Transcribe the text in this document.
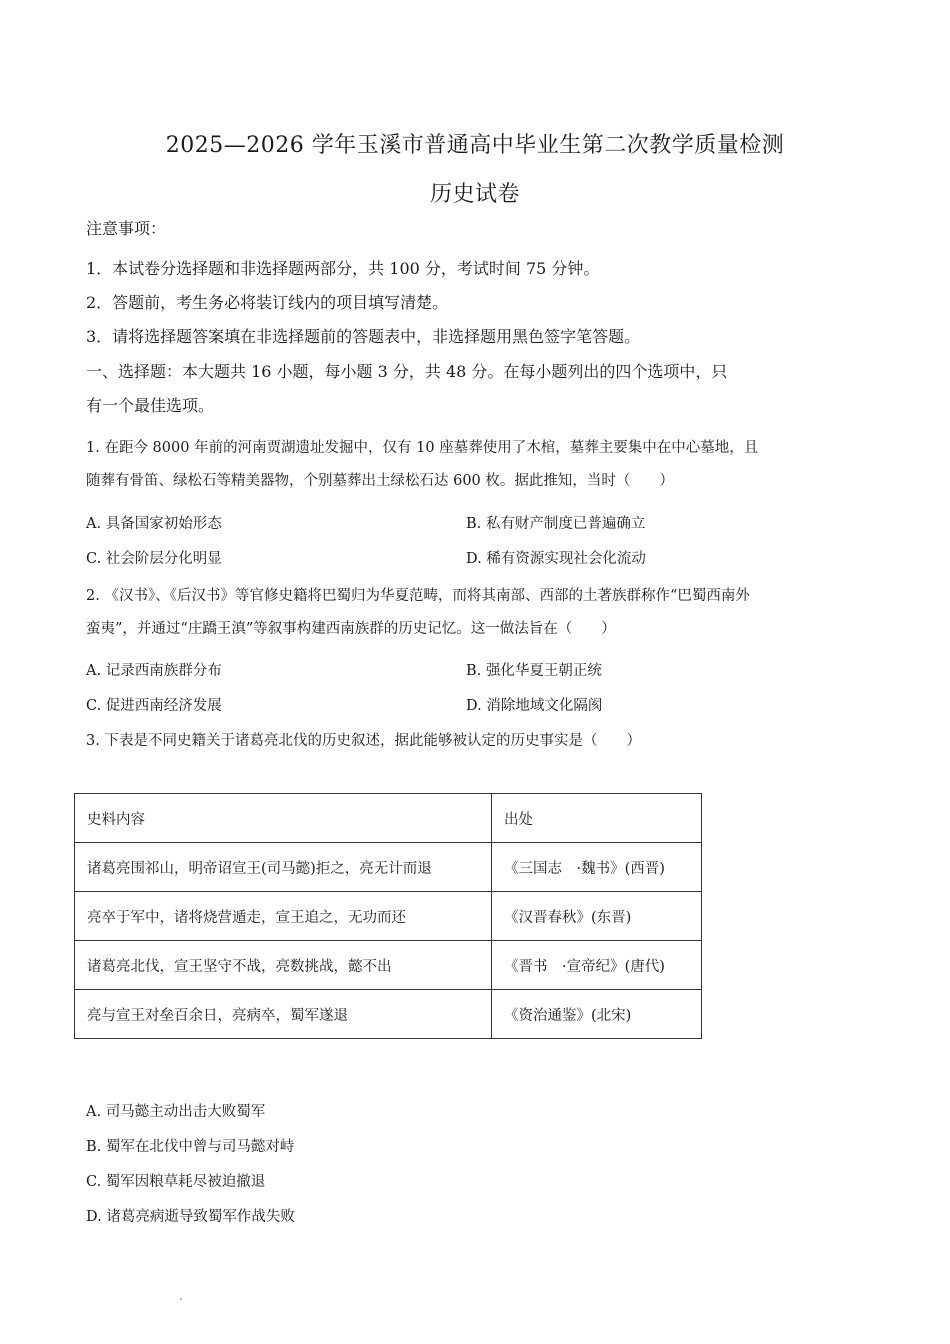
2025—2026 学年玉溪市普通高中毕业生第二次教学质量检测
历史试卷
注意事项：
1．本试卷分选择题和非选择题两部分，共 100 分，考试时间 75 分钟。
2．答题前，考生务必将装订线内的项目填写清楚。
3．请将选择题答案填在非选择题前的答题表中，非选择题用黑色签字笔答题。
一、选择题：本大题共 16 小题，每小题 3 分，共 48 分。在每小题列出的四个选项中，只
有一个最佳选项。
1. 在距今 8000 年前的河南贾湖遗址发掘中，仅有 10 座墓葬使用了木棺，墓葬主要集中在中心墓地，且
随葬有骨笛、绿松石等精美器物，个别墓葬出土绿松石达 600 枚。据此推知，当时（　　）
A. 具备国家初始形态	B. 私有财产制度已普遍确立
C. 社会阶层分化明显	D. 稀有资源实现社会化流动
2. 《汉书》、《后汉书》等官修史籍将巴蜀归为华夏范畴，而将其南部、西部的土著族群称作“巴蜀西南外
蛮夷”，并通过“庄蹻王滇”等叙事构建西南族群的历史记忆。这一做法旨在（　　）
A. 记录西南族群分布	B. 强化华夏王朝正统
C. 促进西南经济发展	D. 消除地域文化隔阂
3. 下表是不同史籍关于诸葛亮北伐的历史叙述，据此能够被认定的历史事实是（　　）
史料内容	出处
诸葛亮围祁山，明帝诏宣王(司马懿)拒之，亮无计而退	《三国志　·魏书》(西晋)
亮卒于军中，诸将烧营遁走，宣王追之，无功而还	《汉晋春秋》(东晋)
诸葛亮北伐，宣王坚守不战，亮数挑战，懿不出	《晋书　·宣帝纪》(唐代)
亮与宣王对垒百余日，亮病卒，蜀军遂退	《资治通鉴》(北宋)
A. 司马懿主动出击大败蜀军
B. 蜀军在北伐中曾与司马懿对峙
C. 蜀军因粮草耗尽被迫撤退
D. 诸葛亮病逝导致蜀军作战失败
